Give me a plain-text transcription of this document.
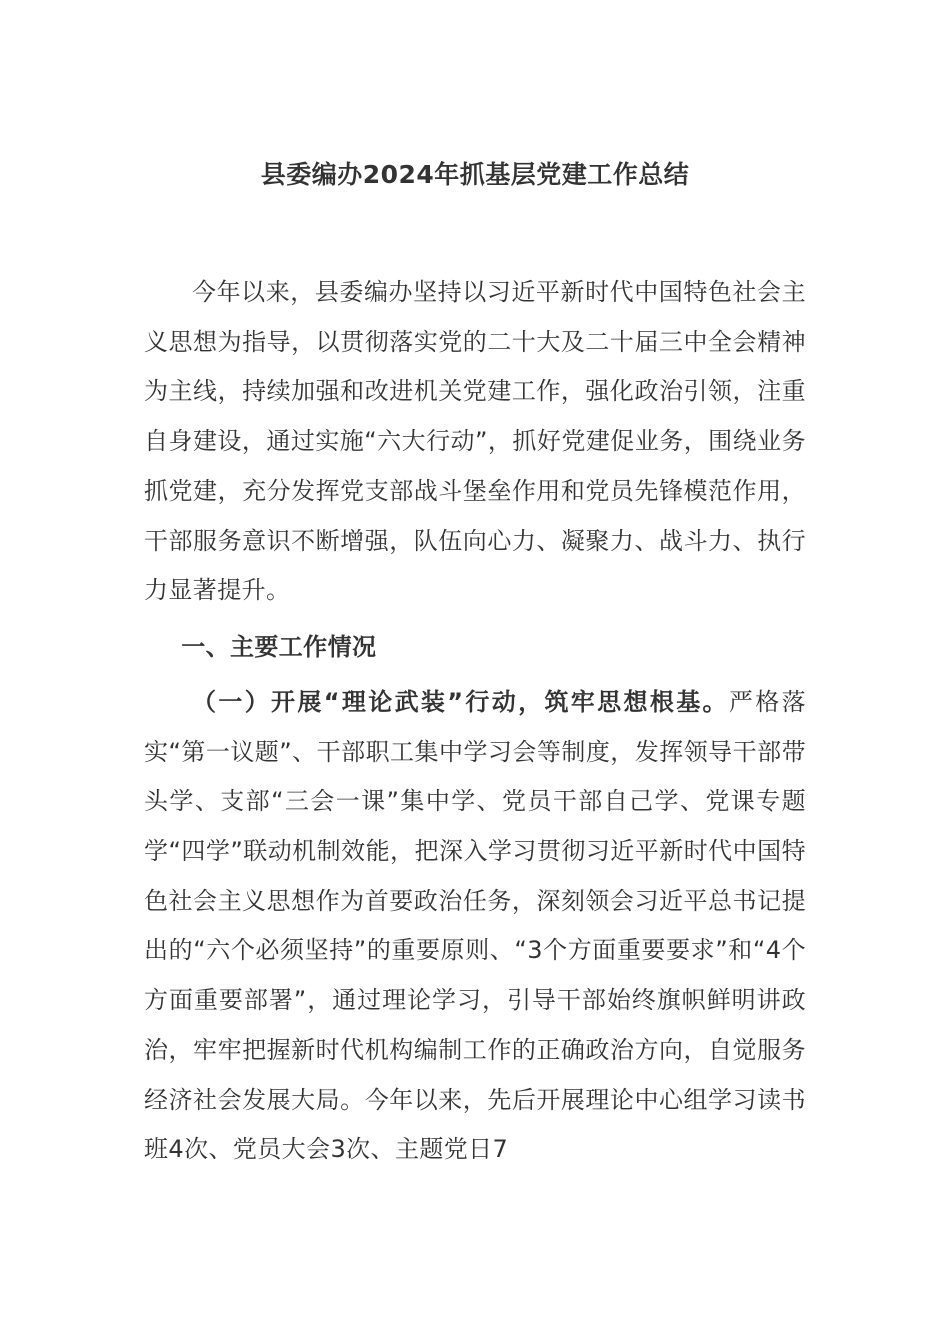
县委编办2024年抓基层党建工作总结

今年以来，县委编办坚持以习近平新时代中国特色社会主义思想为指导，以贯彻落实党的二十大及二十届三中全会精神为主线，持续加强和改进机关党建工作，强化政治引领，注重自身建设，通过实施“六大行动”，抓好党建促业务，围绕业务抓党建，充分发挥党支部战斗堡垒作用和党员先锋模范作用，干部服务意识不断增强，队伍向心力、凝聚力、战斗力、执行力显著提升。

一、主要工作情况

（一）开展“理论武装”行动，筑牢思想根基。严格落实“第一议题”、干部职工集中学习会等制度，发挥领导干部带头学、支部“三会一课”集中学、党员干部自己学、党课专题学“四学”联动机制效能，把深入学习贯彻习近平新时代中国特色社会主义思想作为首要政治任务，深刻领会习近平总书记提出的“六个必须坚持”的重要原则、“3个方面重要要求”和“4个方面重要部署”，通过理论学习，引导干部始终旗帜鲜明讲政治，牢牢把握新时代机构编制工作的正确政治方向，自觉服务经济社会发展大局。今年以来，先后开展理论中心组学习读书班4次、党员大会3次、主题党日7
